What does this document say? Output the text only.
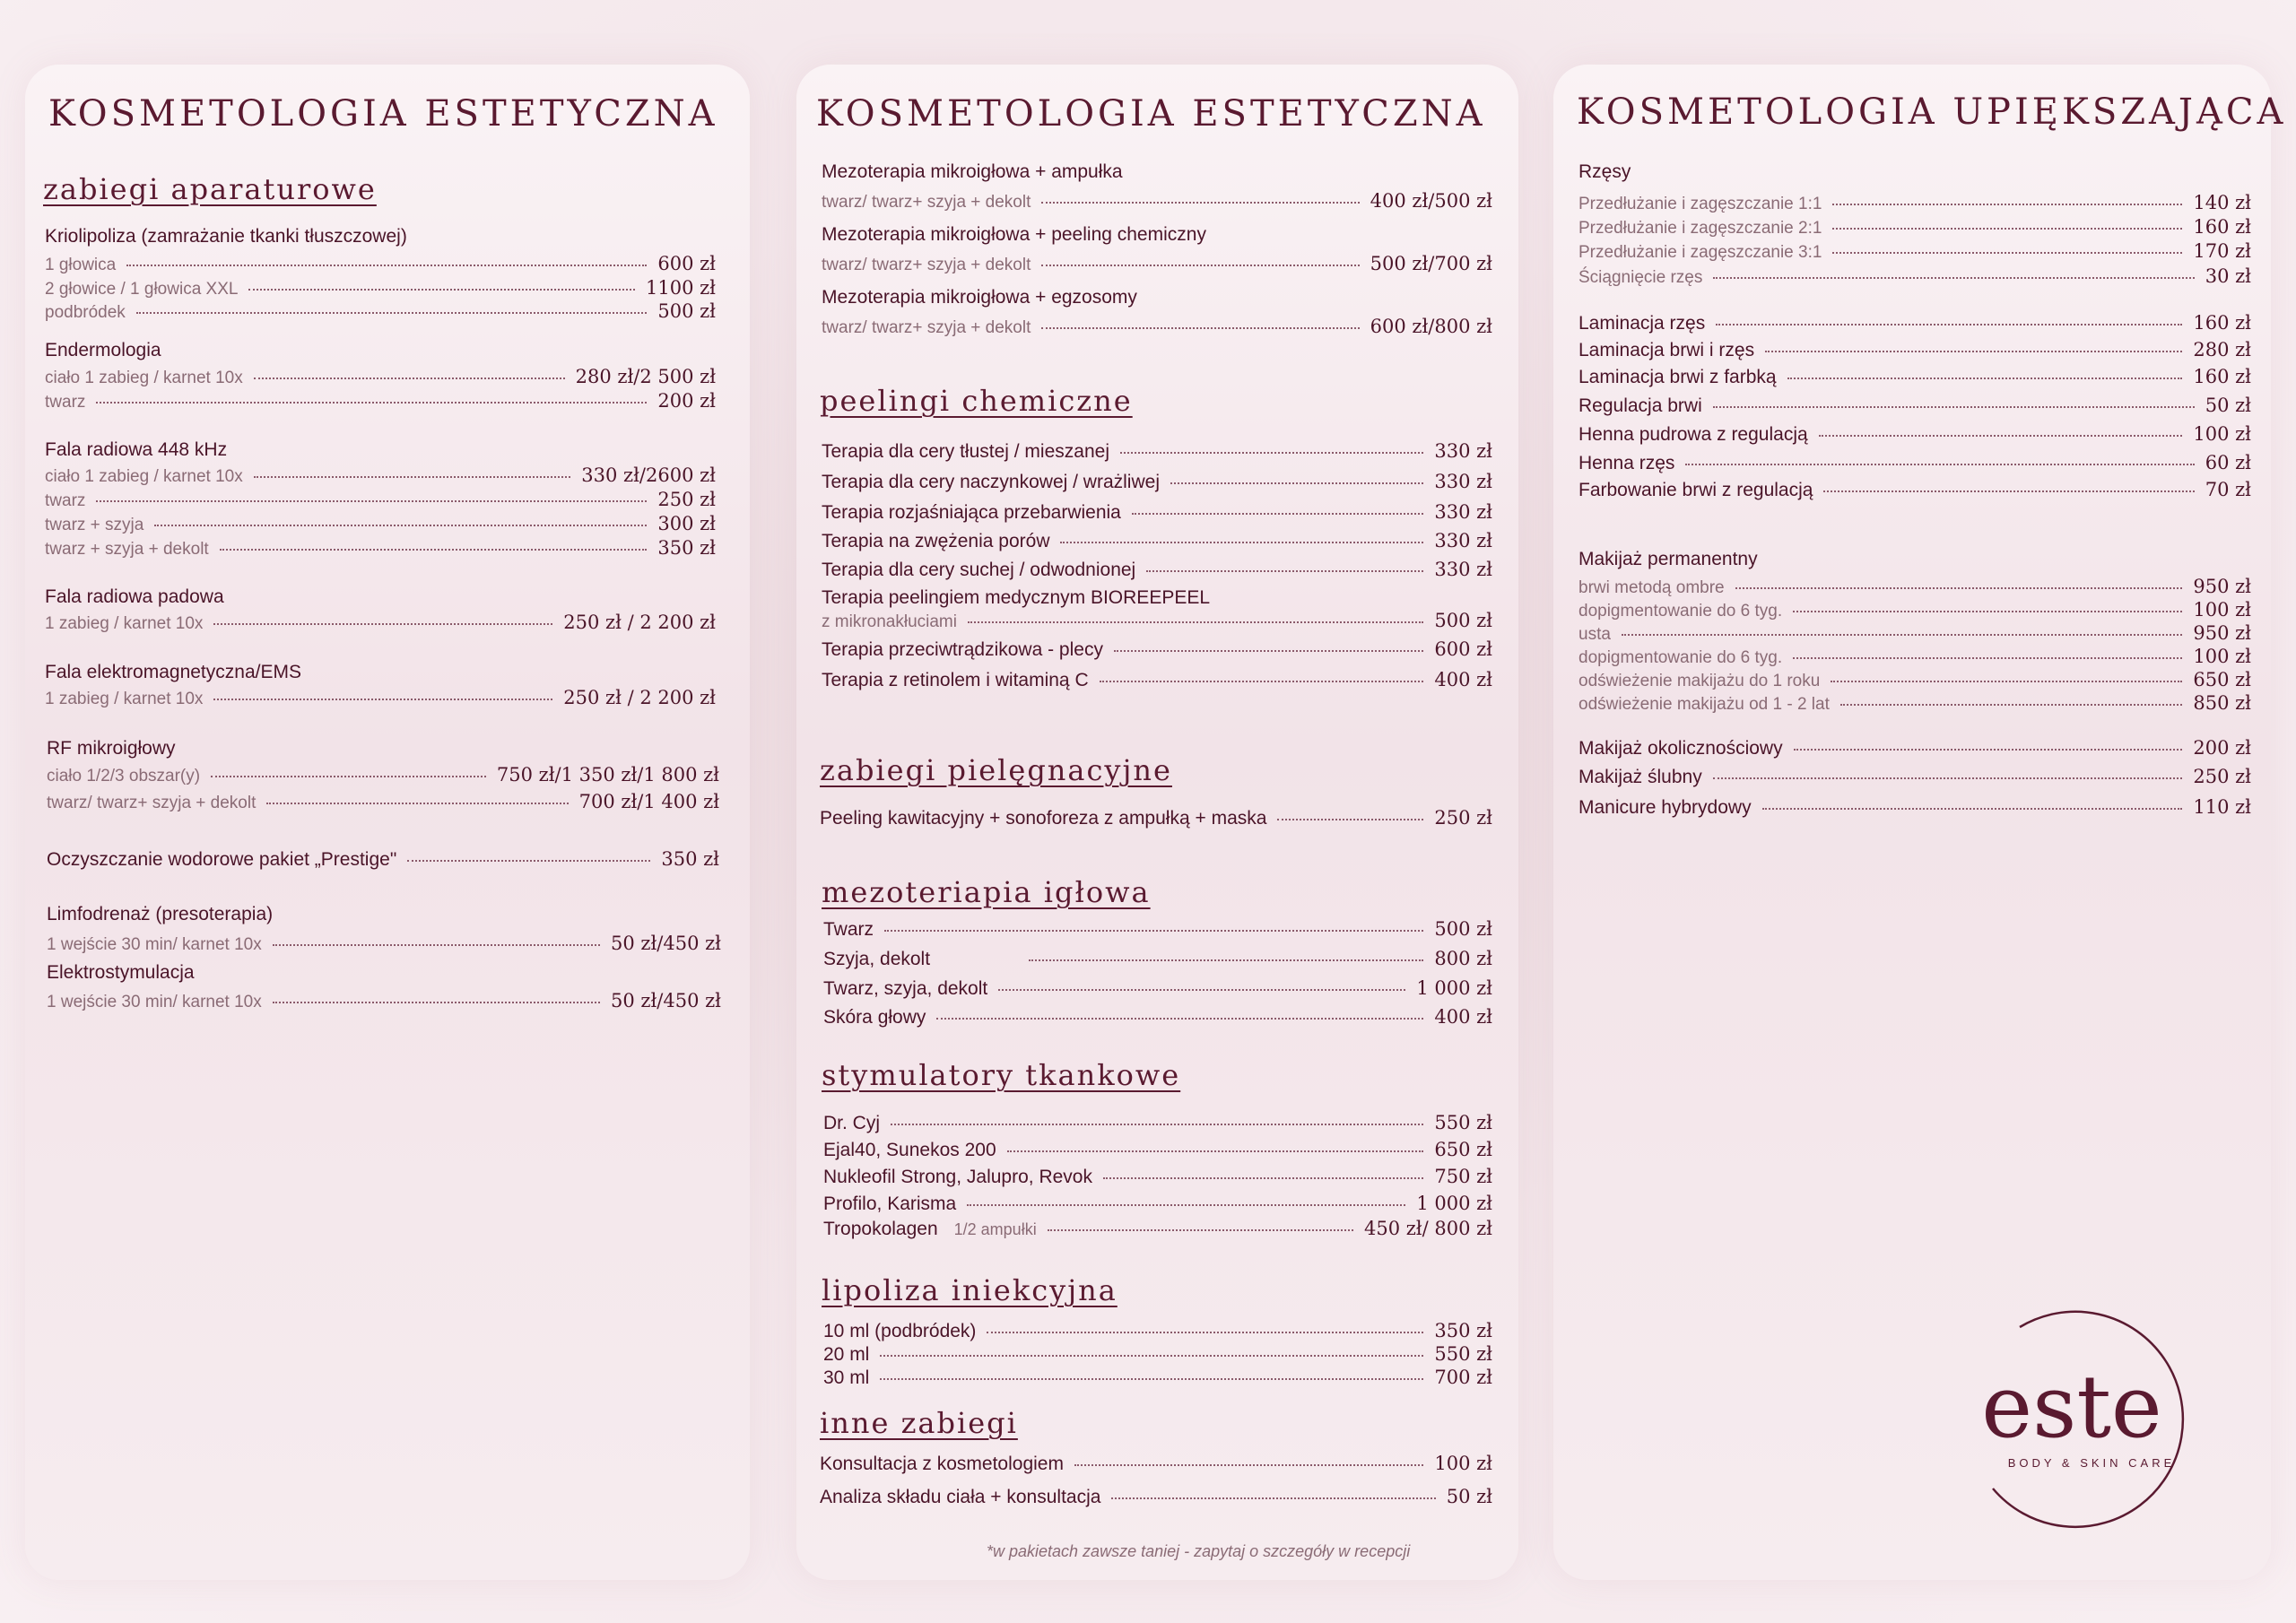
KOSMETOLOGIA ESTETYCZNA
zabiegi aparaturowe
Kriolipoliza (zamrażanie tkanki tłuszczowej)
1 głowica	600 zł
2 głowice / 1 głowica XXL	1100 zł
podbródek	500 zł
Endermologia
ciało 1 zabieg / karnet 10x	280 zł/2 500 zł
twarz	200 zł
Fala radiowa 448 kHz
ciało 1 zabieg / karnet 10x	330 zł/2600 zł
twarz	250 zł
twarz + szyja	300 zł
twarz + szyja + dekolt	350 zł
Fala radiowa padowa
1 zabieg / karnet 10x	250 zł / 2 200 zł
Fala elektromagnetyczna/EMS
1 zabieg / karnet 10x	250 zł / 2 200 zł
RF mikroigłowy
ciało 1/2/3 obszar(y)	750 zł/1 350 zł/1 800 zł
twarz/ twarz+ szyja + dekolt	700 zł/1 400 zł
Oczyszczanie wodorowe pakiet „Prestige"	350 zł
Limfodrenaż (presoterapia)
1 wejście 30 min/ karnet 10x	50 zł/450 zł
Elektrostymulacja
1 wejście 30 min/ karnet 10x	50 zł/450 zł
KOSMETOLOGIA ESTETYCZNA
Mezoterapia mikroigłowa + ampułka
twarz/ twarz+ szyja + dekolt	400 zł/500 zł
Mezoterapia mikroigłowa + peeling chemiczny
twarz/ twarz+ szyja + dekolt	500 zł/700 zł
Mezoterapia mikroigłowa + egzosomy
twarz/ twarz+ szyja + dekolt	600 zł/800 zł
peelingi chemiczne
Terapia dla cery tłustej / mieszanej	330 zł
Terapia dla cery naczynkowej / wrażliwej	330 zł
Terapia rozjaśniająca przebarwienia	330 zł
Terapia na zwężenia porów	330 zł
Terapia dla cery suchej / odwodnionej	330 zł
Terapia peelingiem medycznym BIOREEPEEL
z mikronakłuciami	500 zł
Terapia przeciwtrądzikowa - plecy	600 zł
Terapia z retinolem i witaminą C	400 zł
zabiegi pielęgnacyjne
Peeling kawitacyjny + sonoforeza z ampułką + maska	250 zł
mezoteriapia igłowa
Twarz	500 zł
Szyja, dekolt	800 zł
Twarz, szyja, dekolt	1 000 zł
Skóra głowy	400 zł
stymulatory tkankowe
Dr. Cyj	550 zł
Ejal40, Sunekos 200	650 zł
Nukleofil Strong, Jalupro, Revok	750 zł
Profilo, Karisma	1 000 zł
Tropokolagen 1/2 ampułki	450 zł/ 800 zł
lipoliza iniekcyjna
10 ml (podbródek)	350 zł
20 ml	550 zł
30 ml	700 zł
inne zabiegi
Konsultacja z kosmetologiem	100 zł
Analiza składu ciała + konsultacja	50 zł
*w pakietach zawsze taniej - zapytaj o szczegóły w recepcji
KOSMETOLOGIA UPIĘKSZAJĄCA
Rzęsy
Przedłużanie i zagęszczanie 1:1	140 zł
Przedłużanie i zagęszczanie 2:1	160 zł
Przedłużanie i zagęszczanie 3:1	170 zł
Ściągnięcie rzęs	30 zł
Laminacja rzęs	160 zł
Laminacja brwi i rzęs	280 zł
Laminacja brwi z farbką	160 zł
Regulacja brwi	50 zł
Henna pudrowa z regulacją	100 zł
Henna rzęs	60 zł
Farbowanie brwi z regulacją	70 zł
Makijaż permanentny
brwi metodą ombre	950 zł
dopigmentowanie do 6 tyg.	100 zł
usta	950 zł
dopigmentowanie do 6 tyg.	100 zł
odświeżenie makijażu do 1 roku	650 zł
odświeżenie makijażu od 1 - 2 lat	850 zł
Makijaż okolicznościowy	200 zł
Makijaż ślubny	250 zł
Manicure hybrydowy	110 zł
este
BODY & SKIN CARE
